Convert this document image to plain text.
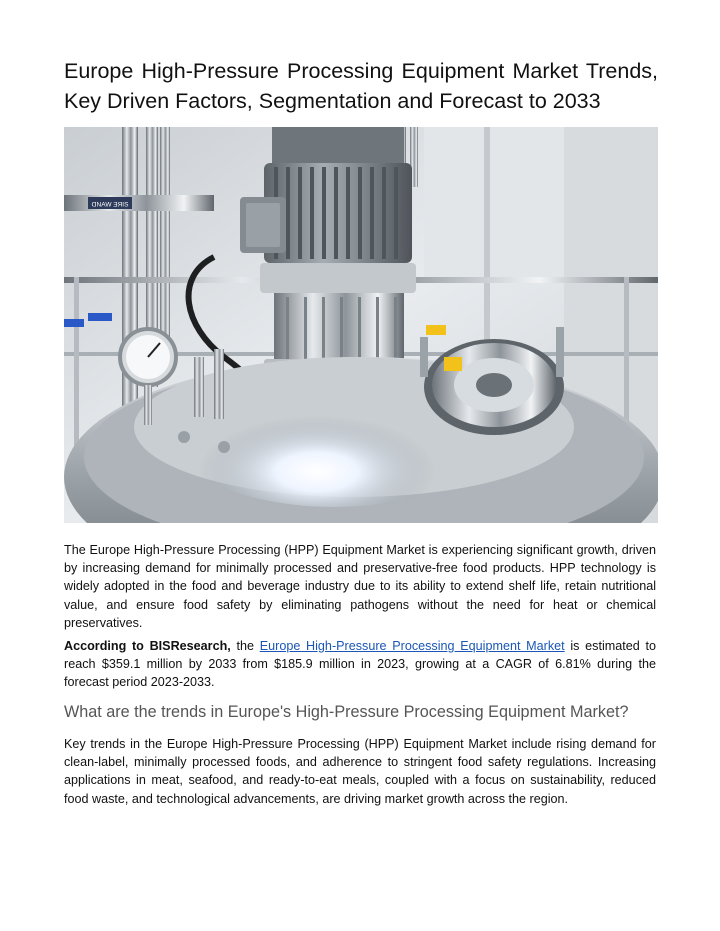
Europe High-Pressure Processing Equipment Market Trends, Key Driven Factors, Segmentation and Forecast to 2033
ᗡNAW ƎЯIS

The Europe High-Pressure Processing (HPP) Equipment Market is experiencing significant growth, driven by increasing demand for minimally processed and preservative-free food products. HPP technology is widely adopted in the food and beverage industry due to its ability to extend shelf life, retain nutritional value, and ensure food safety by eliminating pathogens without the need for heat or chemical preservatives.

According to BISResearch, the Europe High-Pressure Processing Equipment Market is estimated to reach $359.1 million by 2033 from $185.9 million in 2023, growing at a CAGR of 6.81% during the forecast period 2023-2033.

What are the trends in Europe's High-Pressure Processing Equipment Market?

Key trends in the Europe High-Pressure Processing (HPP) Equipment Market include rising demand for clean-label, minimally processed foods, and adherence to stringent food safety regulations. Increasing applications in meat, seafood, and ready-to-eat meals, coupled with a focus on sustainability, reduced food waste, and technological advancements, are driving market growth across the region.
